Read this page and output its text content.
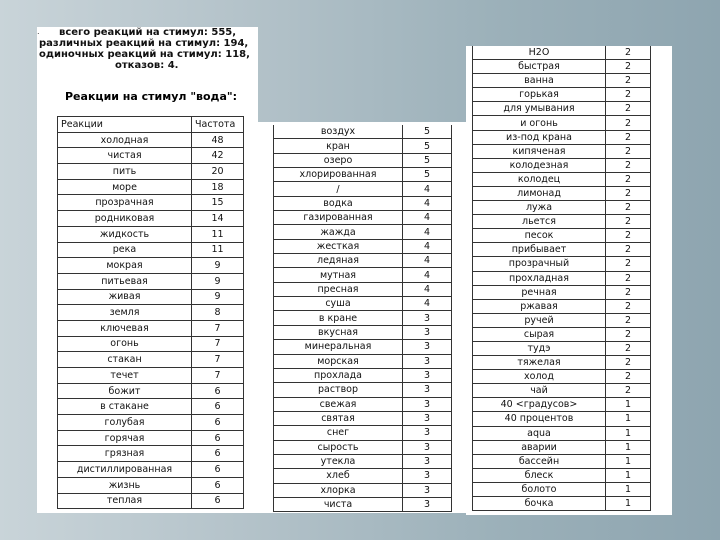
всего реакций на стимул: 555,
различных реакций на стимул: 194,
одиночных реакций на стимул: 118,
отказов: 4.
.
Реакции на стимул "вода":
Реакции	Частота
холодная	48
чистая	42
пить	20
море	18
прозрачная	15
родниковая	14
жидкость	11
река	11
мокрая	9
питьевая	9
живая	9
земля	8
ключевая	7
огонь	7
стакан	7
течет	7
божит	6
в стакане	6
голубая	6
горячая	6
грязная	6
дистиллированная	6
жизнь	6
теплая	6
воздух	5
кран	5
озеро	5
хлорированная	5
/	4
водка	4
газированная	4
жажда	4
жесткая	4
ледяная	4
мутная	4
пресная	4
суша	4
в кране	3
вкусная	3
минеральная	3
морская	3
прохлада	3
раствор	3
свежая	3
святая	3
снег	3
сырость	3
утекла	3
хлеб	3
хлорка	3
чиста	3
H2O	2
быстрая	2
ванна	2
горькая	2
для умывания	2
и огонь	2
из-под крана	2
кипяченая	2
колодезная	2
колодец	2
лимонад	2
лужа	2
льется	2
песок	2
прибывает	2
прозрачный	2
прохладная	2
речная	2
ржавая	2
ручей	2
сырая	2
тудэ	2
тяжелая	2
холод	2
чай	2
40 <градусов>	1
40 процентов	1
aqua	1
аварии	1
бассейн	1
блеск	1
болото	1
бочка	1
